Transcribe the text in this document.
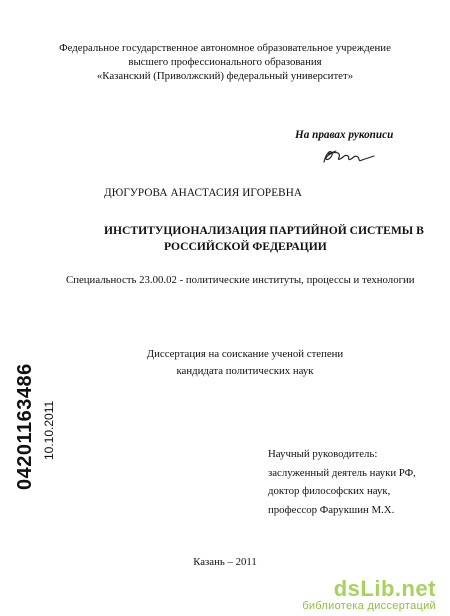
Федеральное государственное автономное образовательное учреждение
высшего профессионального образования
«Казанский (Приволжский) федеральный университет»
На правах рукописи
ДЮГУРОВА АНАСТАСИЯ ИГОРЕВНА
ИНСТИТУЦИОНАЛИЗАЦИЯ ПАРТИЙНОЙ СИСТЕМЫ В
РОССИЙСКОЙ ФЕДЕРАЦИИ
Специальность 23.00.02 - политические институты, процессы и технологии
Диссертация на соискание ученой степени
кандидата политических наук
04201163486 10.10.2011	Научный руководитель:
заслуженный деятель науки РФ,
доктор философских наук,
профессор Фарукшин М.Х.
Казань – 2011
dsLib.net
библиотека диссертаций
